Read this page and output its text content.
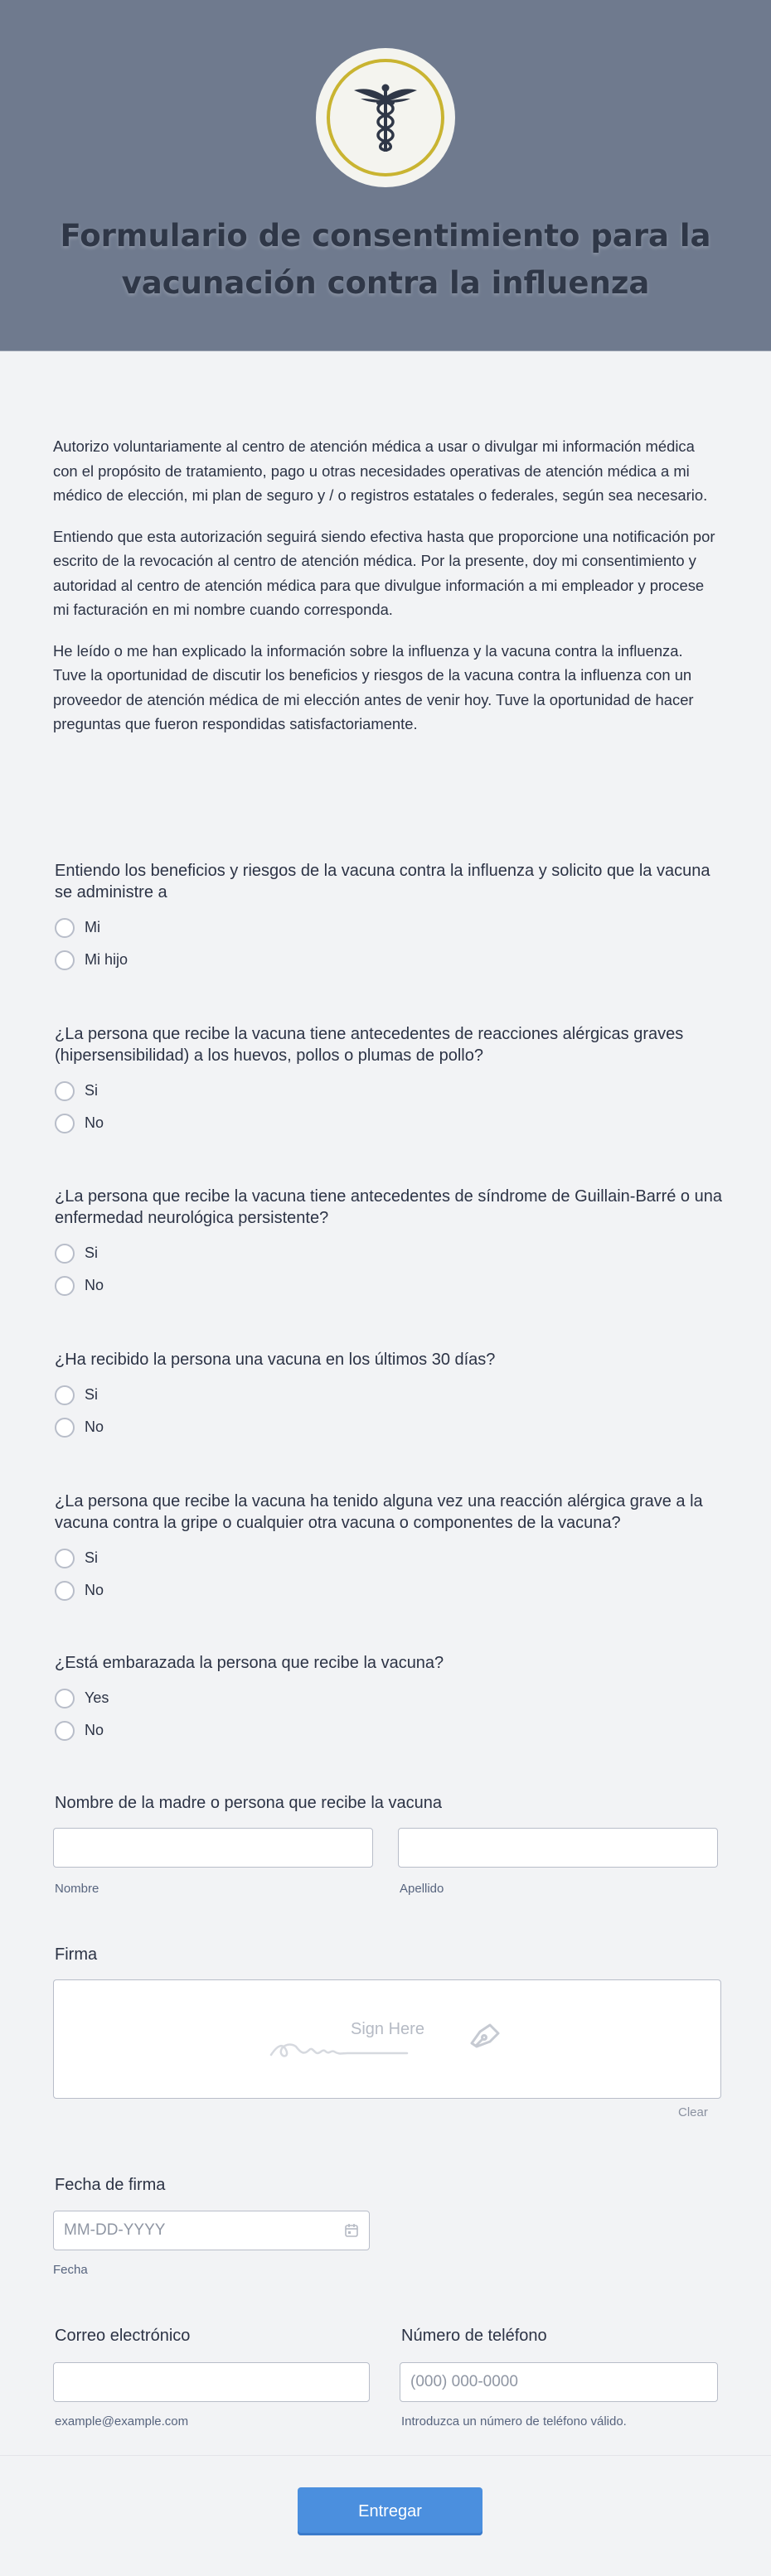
Formulario de consentimiento para la vacunación contra la influenza

Autorizo voluntariamente al centro de atención médica a usar o divulgar mi información médica con el propósito de tratamiento, pago u otras necesidades operativas de atención médica a mi médico de elección, mi plan de seguro y / o registros estatales o federales, según sea necesario.

Entiendo que esta autorización seguirá siendo efectiva hasta que proporcione una notificación por escrito de la revocación al centro de atención médica. Por la presente, doy mi consentimiento y autoridad al centro de atención médica para que divulgue información a mi empleador y procese mi facturación en mi nombre cuando corresponda.

He leído o me han explicado la información sobre la influenza y la vacuna contra la influenza. Tuve la oportunidad de discutir los beneficios y riesgos de la vacuna contra la influenza con un proveedor de atención médica de mi elección antes de venir hoy. Tuve la oportunidad de hacer preguntas que fueron respondidas satisfactoriamente.

Entiendo los beneficios y riesgos de la vacuna contra la influenza y solicito que la vacuna se administre a
Mi
Mi hijo
¿La persona que recibe la vacuna tiene antecedentes de reacciones alérgicas graves (hipersensibilidad) a los huevos, pollos o plumas de pollo?
Si
No
¿La persona que recibe la vacuna tiene antecedentes de síndrome de Guillain-Barré o una enfermedad neurológica persistente?
Si
No
¿Ha recibido la persona una vacuna en los últimos 30 días?
Si
No
¿La persona que recibe la vacuna ha tenido alguna vez una reacción alérgica grave a la vacuna contra la gripe o cualquier otra vacuna o componentes de la vacuna?
Si
No
¿Está embarazada la persona que recibe la vacuna?
Yes
No
Nombre de la madre o persona que recibe la vacuna
Nombre	Apellido
Firma
Sign Here
Clear
Fecha de firma
MM-DD-YYYY
Fecha
Correo electrónico
example@example.com
Número de teléfono
(000) 000-0000
Introduzca un número de teléfono válido.
Entregar
